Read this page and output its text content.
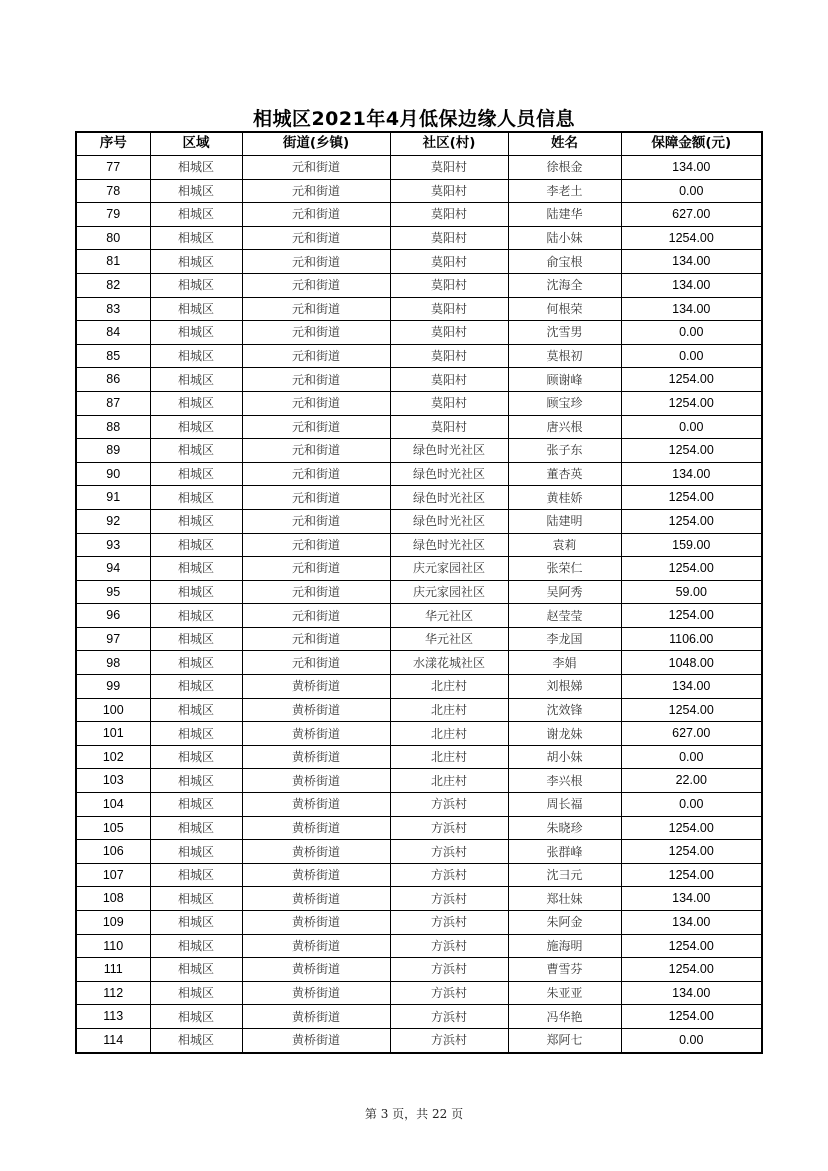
相城区2021年4月低保边缘人员信息
序号	区域	街道(乡镇)	社区(村)	姓名	保障金额(元)
77	相城区	元和街道	莫阳村	徐根金	134.00
78	相城区	元和街道	莫阳村	李老土	0.00
79	相城区	元和街道	莫阳村	陆建华	627.00
80	相城区	元和街道	莫阳村	陆小妹	1254.00
81	相城区	元和街道	莫阳村	俞宝根	134.00
82	相城区	元和街道	莫阳村	沈海全	134.00
83	相城区	元和街道	莫阳村	何根荣	134.00
84	相城区	元和街道	莫阳村	沈雪男	0.00
85	相城区	元和街道	莫阳村	莫根初	0.00
86	相城区	元和街道	莫阳村	顾谢峰	1254.00
87	相城区	元和街道	莫阳村	顾宝珍	1254.00
88	相城区	元和街道	莫阳村	唐兴根	0.00
89	相城区	元和街道	绿色时光社区	张子东	1254.00
90	相城区	元和街道	绿色时光社区	董杏英	134.00
91	相城区	元和街道	绿色时光社区	黄桂娇	1254.00
92	相城区	元和街道	绿色时光社区	陆建明	1254.00
93	相城区	元和街道	绿色时光社区	袁莉	159.00
94	相城区	元和街道	庆元家园社区	张荣仁	1254.00
95	相城区	元和街道	庆元家园社区	吴阿秀	59.00
96	相城区	元和街道	华元社区	赵莹莹	1254.00
97	相城区	元和街道	华元社区	李龙国	1106.00
98	相城区	元和街道	水漾花城社区	李娟	1048.00
99	相城区	黄桥街道	北庄村	刘根娣	134.00
100	相城区	黄桥街道	北庄村	沈效锋	1254.00
101	相城区	黄桥街道	北庄村	谢龙妹	627.00
102	相城区	黄桥街道	北庄村	胡小妹	0.00
103	相城区	黄桥街道	北庄村	李兴根	22.00
104	相城区	黄桥街道	方浜村	周长福	0.00
105	相城区	黄桥街道	方浜村	朱晓珍	1254.00
106	相城区	黄桥街道	方浜村	张群峰	1254.00
107	相城区	黄桥街道	方浜村	沈彐元	1254.00
108	相城区	黄桥街道	方浜村	郑壮妹	134.00
109	相城区	黄桥街道	方浜村	朱阿金	134.00
110	相城区	黄桥街道	方浜村	施海明	1254.00
111	相城区	黄桥街道	方浜村	曹雪芬	1254.00
112	相城区	黄桥街道	方浜村	朱亚亚	134.00
113	相城区	黄桥街道	方浜村	冯华艳	1254.00
114	相城区	黄桥街道	方浜村	郑阿七	0.00
第 3 页，共 22 页
